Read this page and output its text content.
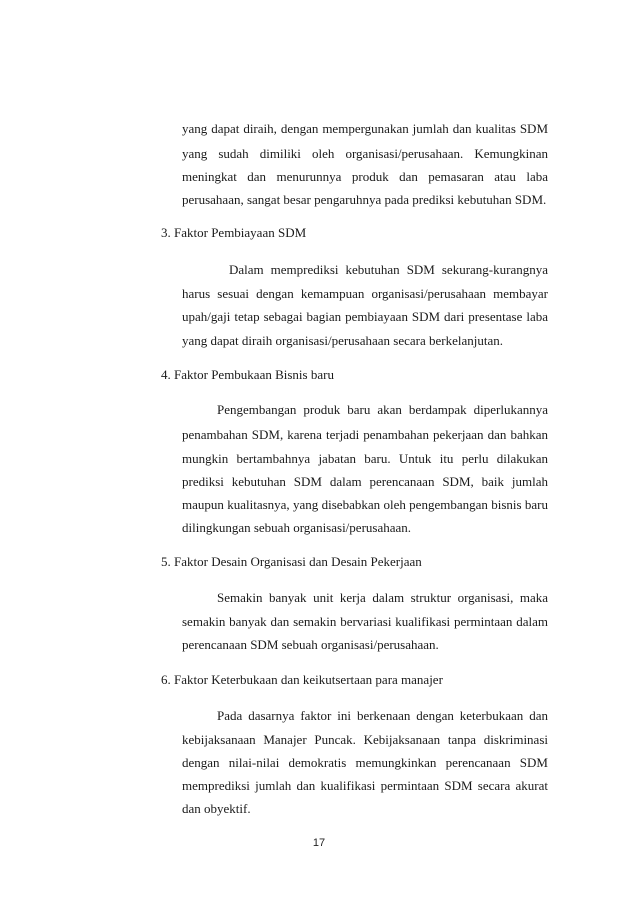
yang dapat diraih, dengan mempergunakan jumlah dan kualitas SDM
yang sudah dimiliki oleh organisasi/perusahaan. Kemungkinan
meningkat dan menurunnya produk dan pemasaran atau laba
perusahaan, sangat besar pengaruhnya pada prediksi kebutuhan SDM.
3. Faktor Pembiayaan SDM
Dalam memprediksi kebutuhan SDM sekurang-kurangnya
harus sesuai dengan kemampuan organisasi/perusahaan membayar
upah/gaji tetap sebagai bagian pembiayaan SDM dari presentase laba
yang dapat diraih organisasi/perusahaan secara berkelanjutan.
4. Faktor Pembukaan Bisnis baru
Pengembangan produk baru akan berdampak diperlukannya
penambahan SDM, karena terjadi penambahan pekerjaan dan bahkan
mungkin bertambahnya jabatan baru. Untuk itu perlu dilakukan
prediksi kebutuhan SDM dalam perencanaan SDM, baik jumlah
maupun kualitasnya, yang disebabkan oleh pengembangan bisnis baru
dilingkungan sebuah organisasi/perusahaan.
5. Faktor Desain Organisasi dan Desain Pekerjaan
Semakin banyak unit kerja dalam struktur organisasi, maka
semakin banyak dan semakin bervariasi kualifikasi permintaan dalam
perencanaan SDM sebuah organisasi/perusahaan.
6. Faktor Keterbukaan dan keikutsertaan para manajer
Pada dasarnya faktor ini berkenaan dengan keterbukaan dan
kebijaksanaan Manajer Puncak. Kebijaksanaan tanpa diskriminasi
dengan nilai-nilai demokratis memungkinkan perencanaan SDM
memprediksi jumlah dan kualifikasi permintaan SDM secara akurat
dan obyektif.
17
